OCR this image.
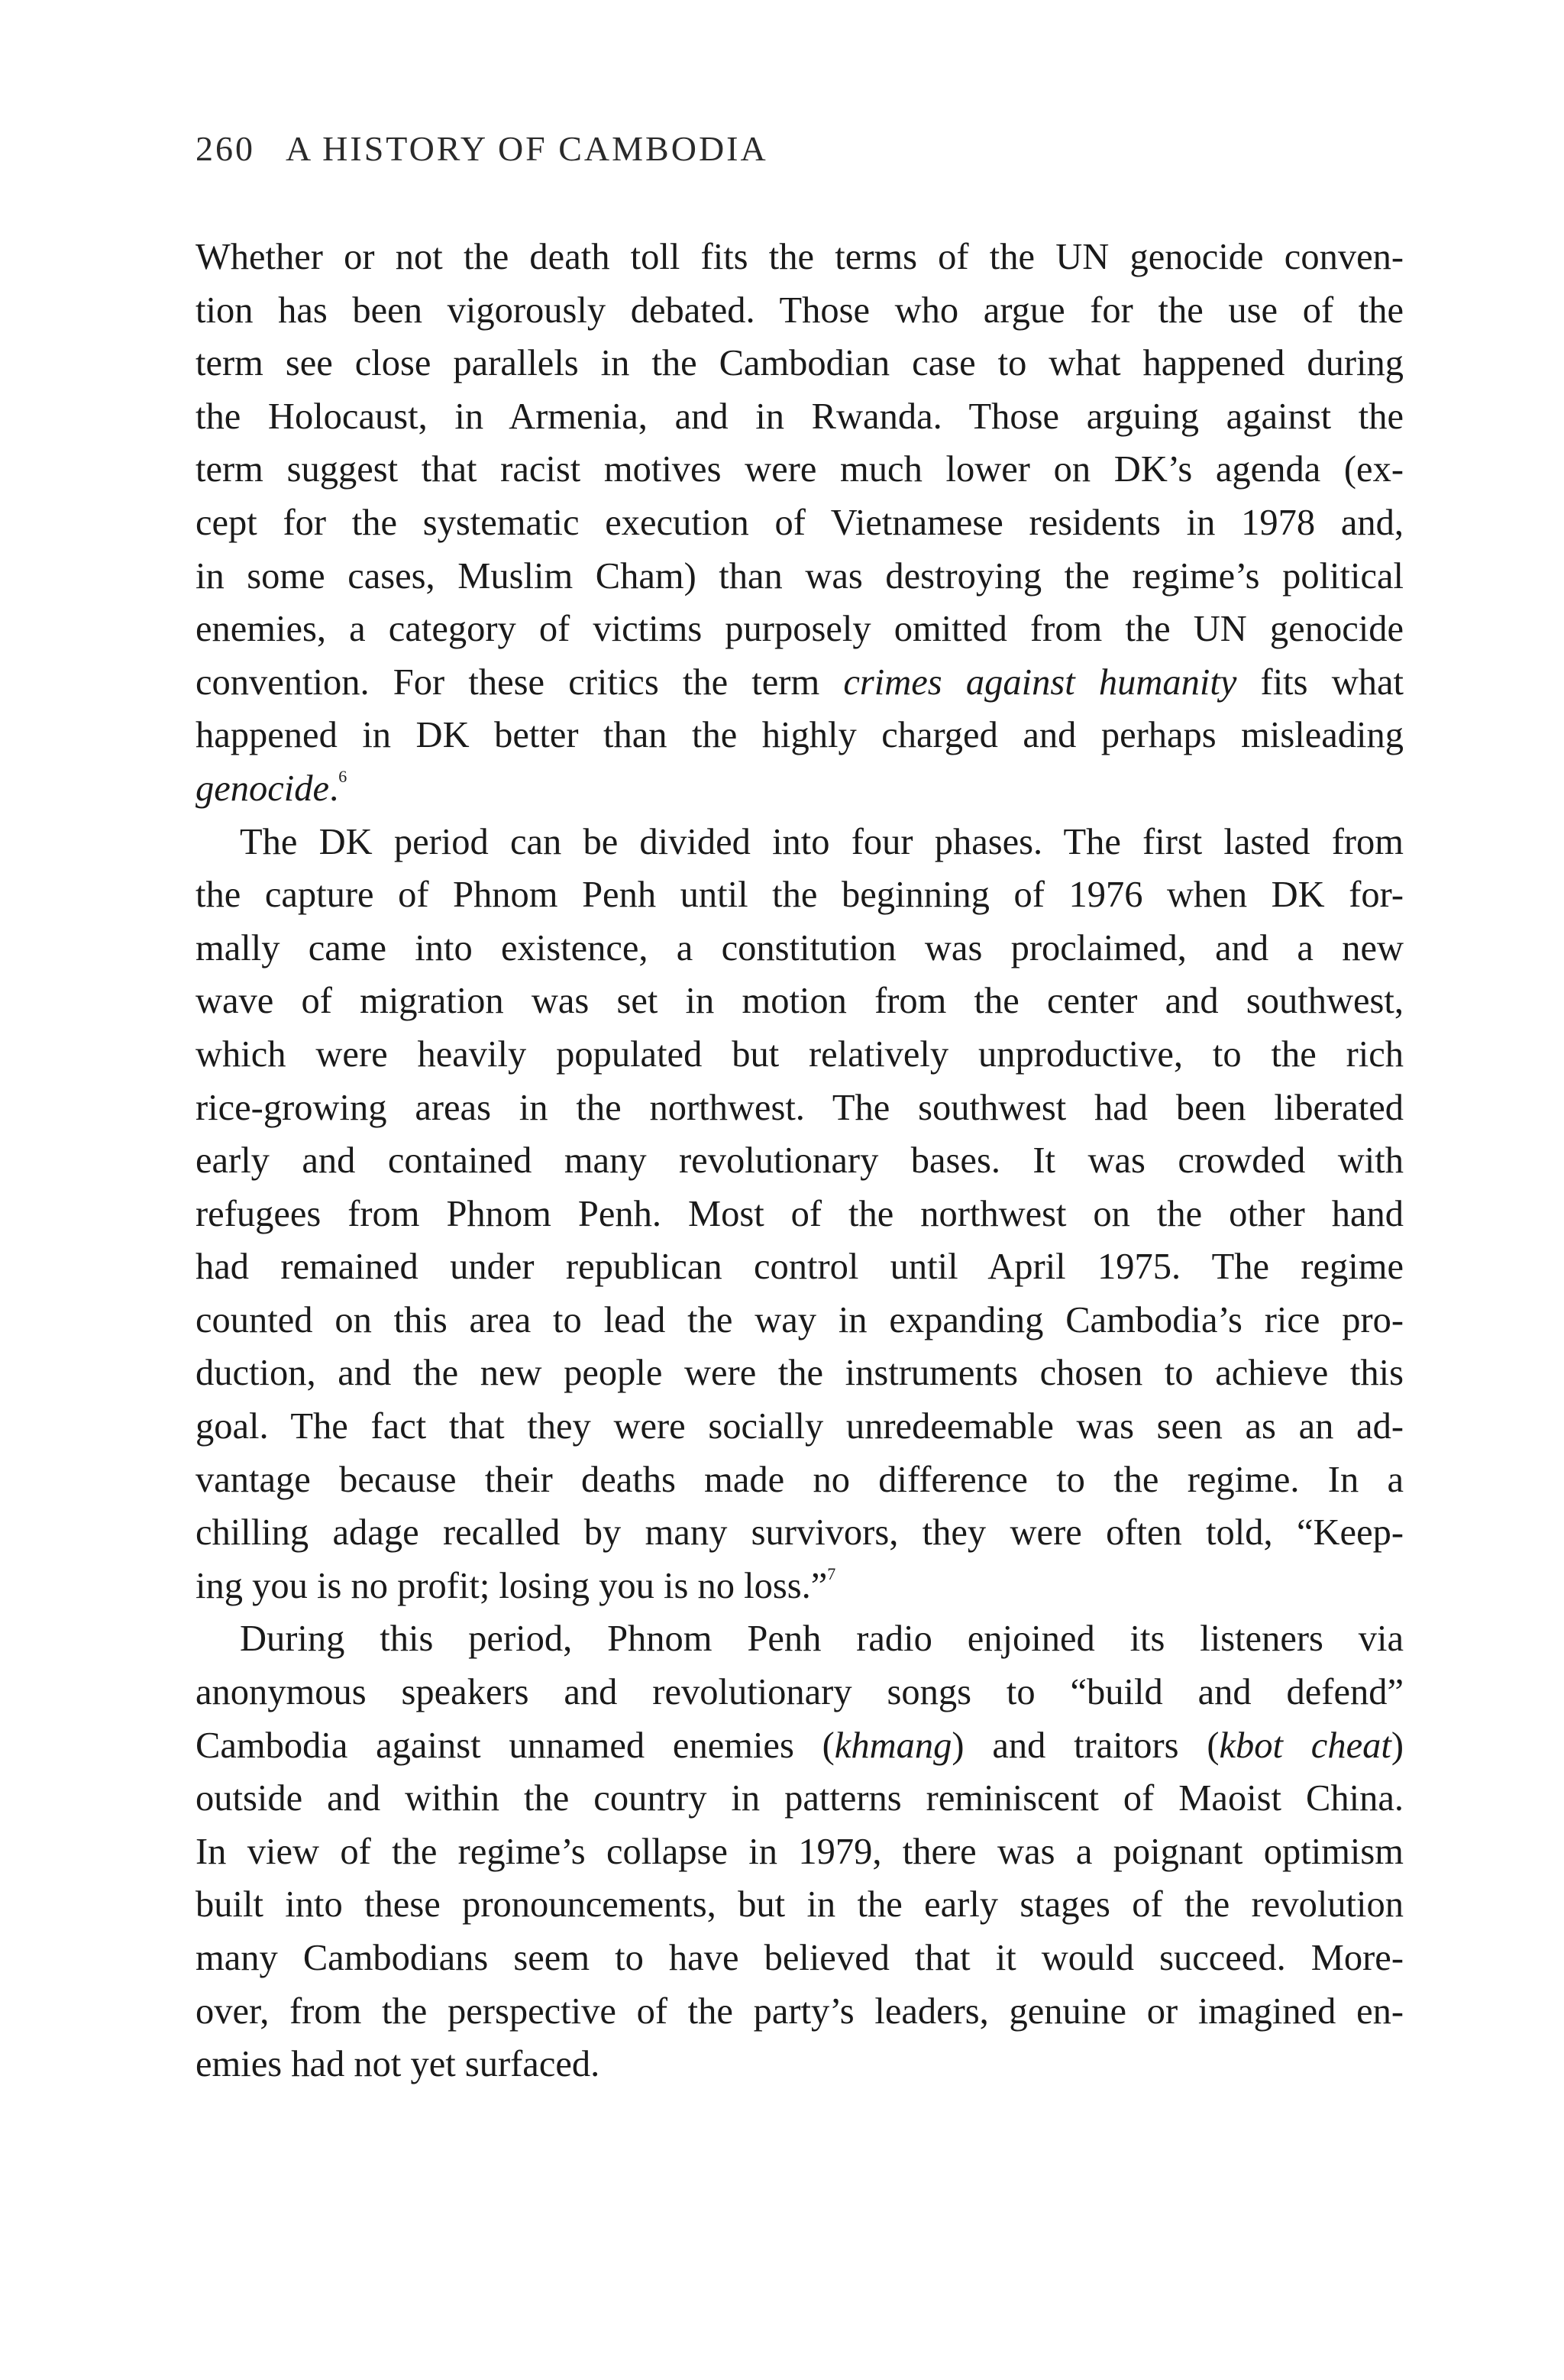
260 A HISTORY OF CAMBODIA
Whether or not the death toll fits the terms of the UN genocide conven-
tion has been vigorously debated. Those who argue for the use of the
term see close parallels in the Cambodian case to what happened during
the Holocaust, in Armenia, and in Rwanda. Those arguing against the
term suggest that racist motives were much lower on DK’s agenda (ex-
cept for the systematic execution of Vietnamese residents in 1978 and,
in some cases, Muslim Cham) than was destroying the regime’s political
enemies, a category of victims purposely omitted from the UN genocide
convention. For these critics the term crimes against humanity fits what
happened in DK better than the highly charged and perhaps misleading
genocide.$^6$
The DK period can be divided into four phases. The first lasted from
the capture of Phnom Penh until the beginning of 1976 when DK for-
mally came into existence, a constitution was proclaimed, and a new
wave of migration was set in motion from the center and southwest,
which were heavily populated but relatively unproductive, to the rich
rice-growing areas in the northwest. The southwest had been liberated
early and contained many revolutionary bases. It was crowded with
refugees from Phnom Penh. Most of the northwest on the other hand
had remained under republican control until April 1975. The regime
counted on this area to lead the way in expanding Cambodia’s rice pro-
duction, and the new people were the instruments chosen to achieve this
goal. The fact that they were socially unredeemable was seen as an ad-
vantage because their deaths made no difference to the regime. In a
chilling adage recalled by many survivors, they were often told, “Keep-
ing you is no profit; losing you is no loss.”$^7$
During this period, Phnom Penh radio enjoined its listeners via
anonymous speakers and revolutionary songs to “build and defend”
Cambodia against unnamed enemies (khmang) and traitors (kbot cheat)
outside and within the country in patterns reminiscent of Maoist China.
In view of the regime’s collapse in 1979, there was a poignant optimism
built into these pronouncements, but in the early stages of the revolution
many Cambodians seem to have believed that it would succeed. More-
over, from the perspective of the party’s leaders, genuine or imagined en-
emies had not yet surfaced.
